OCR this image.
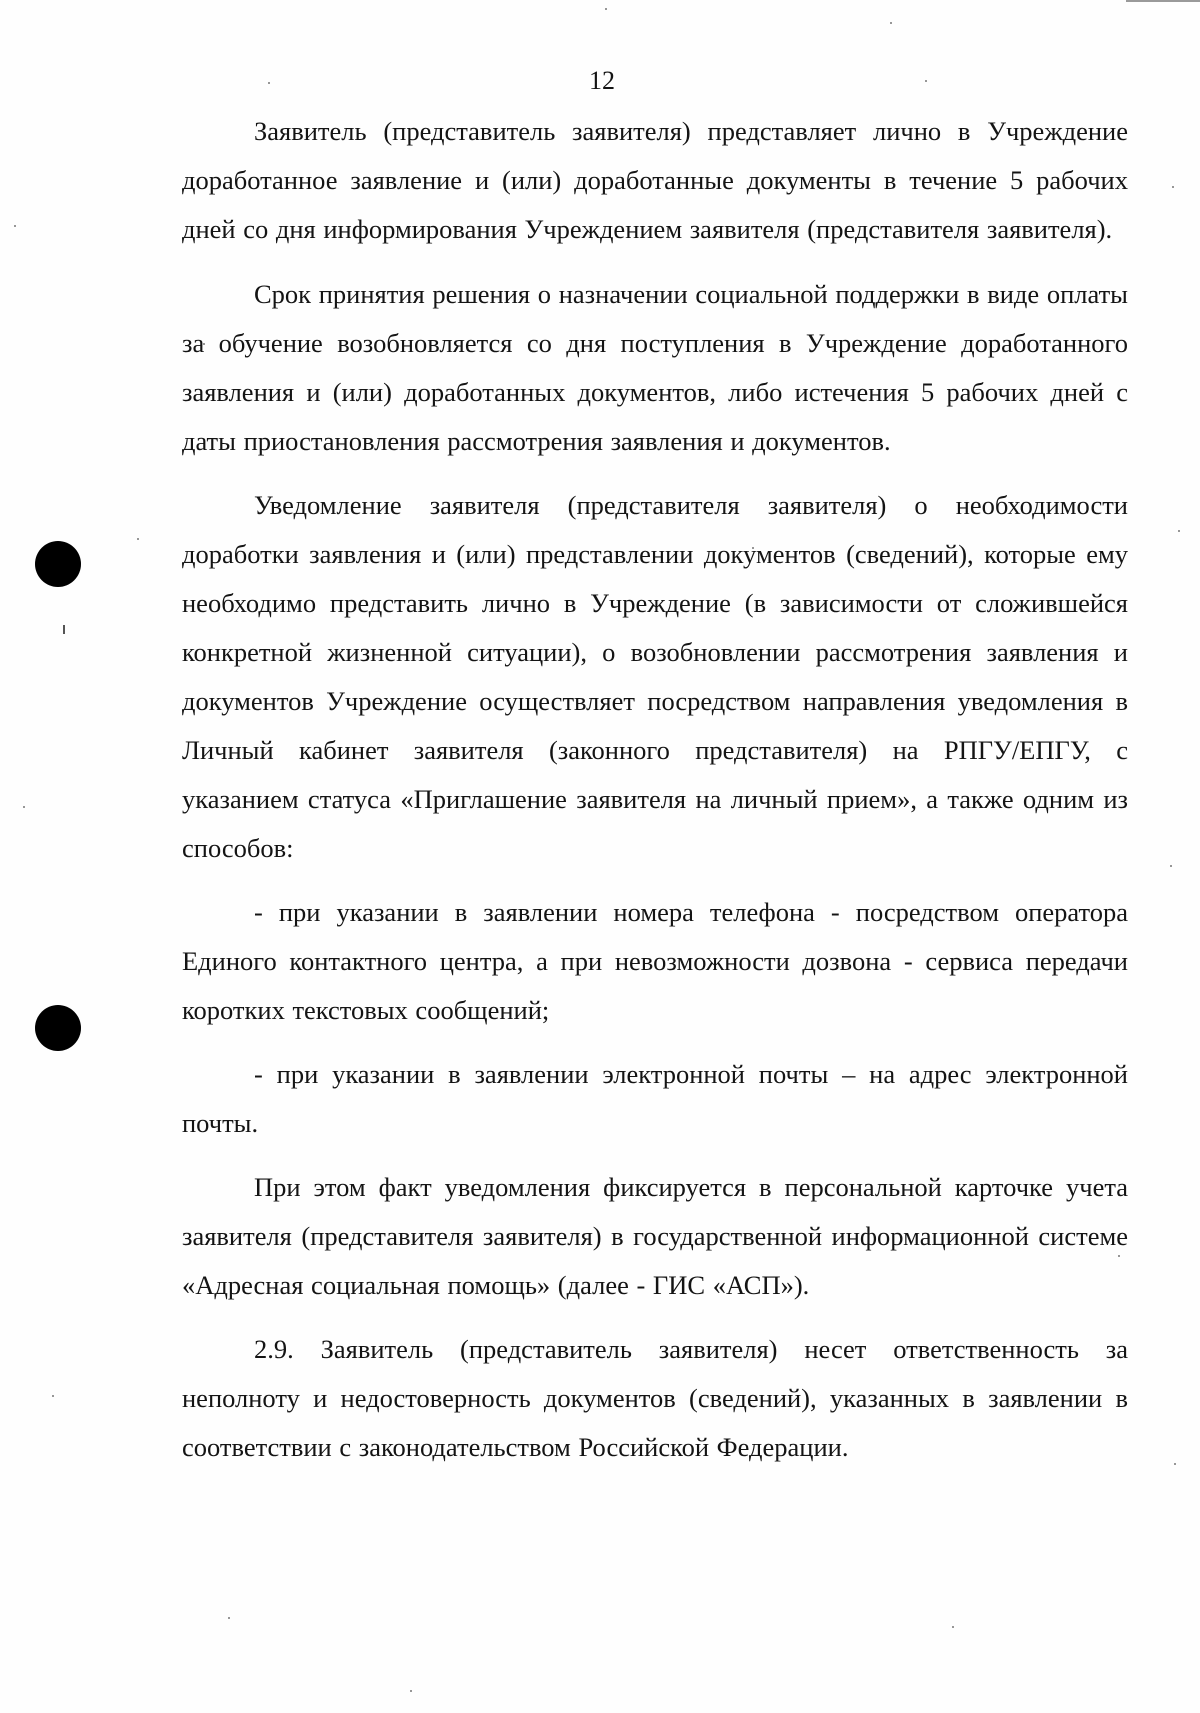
12

Заявитель (представитель заявителя) представляет лично в Учреждение доработанное заявление и (или) доработанные документы в течение 5 рабочих дней со дня информирования Учреждением заявителя (представителя заявителя).

Срок принятия решения о назначении социальной поддержки в виде оплаты за обучение возобновляется со дня поступления в Учреждение доработанного заявления и (или) доработанных документов, либо истечения 5 рабочих дней с даты приостановления рассмотрения заявления и документов.

Уведомление заявителя (представителя заявителя) о необходимости доработки заявления и (или) представлении документов (сведений), которые ему необходимо представить лично в Учреждение (в зависимости от сложившейся конкретной жизненной ситуации), о возобновлении рассмотрения заявления и документов Учреждение осуществляет посредством направления уведомления в Личный кабинет заявителя (законного представителя) на РПГУ/ЕПГУ, с указанием статуса «Приглашение заявителя на личный прием», а также одним из способов:

- при указании в заявлении номера телефона - посредством оператора Единого контактного центра, а при невозможности дозвона - сервиса передачи коротких текстовых сообщений;

- при указании в заявлении электронной почты – на адрес электронной почты.

При этом факт уведомления фиксируется в персональной карточке учета заявителя (представителя заявителя) в государственной информационной системе «Адресная социальная помощь» (далее - ГИС «АСП»).

2.9. Заявитель (представитель заявителя) несет ответственность за неполноту и недостоверность документов (сведений), указанных в заявлении в соответствии с законодательством Российской Федерации.
